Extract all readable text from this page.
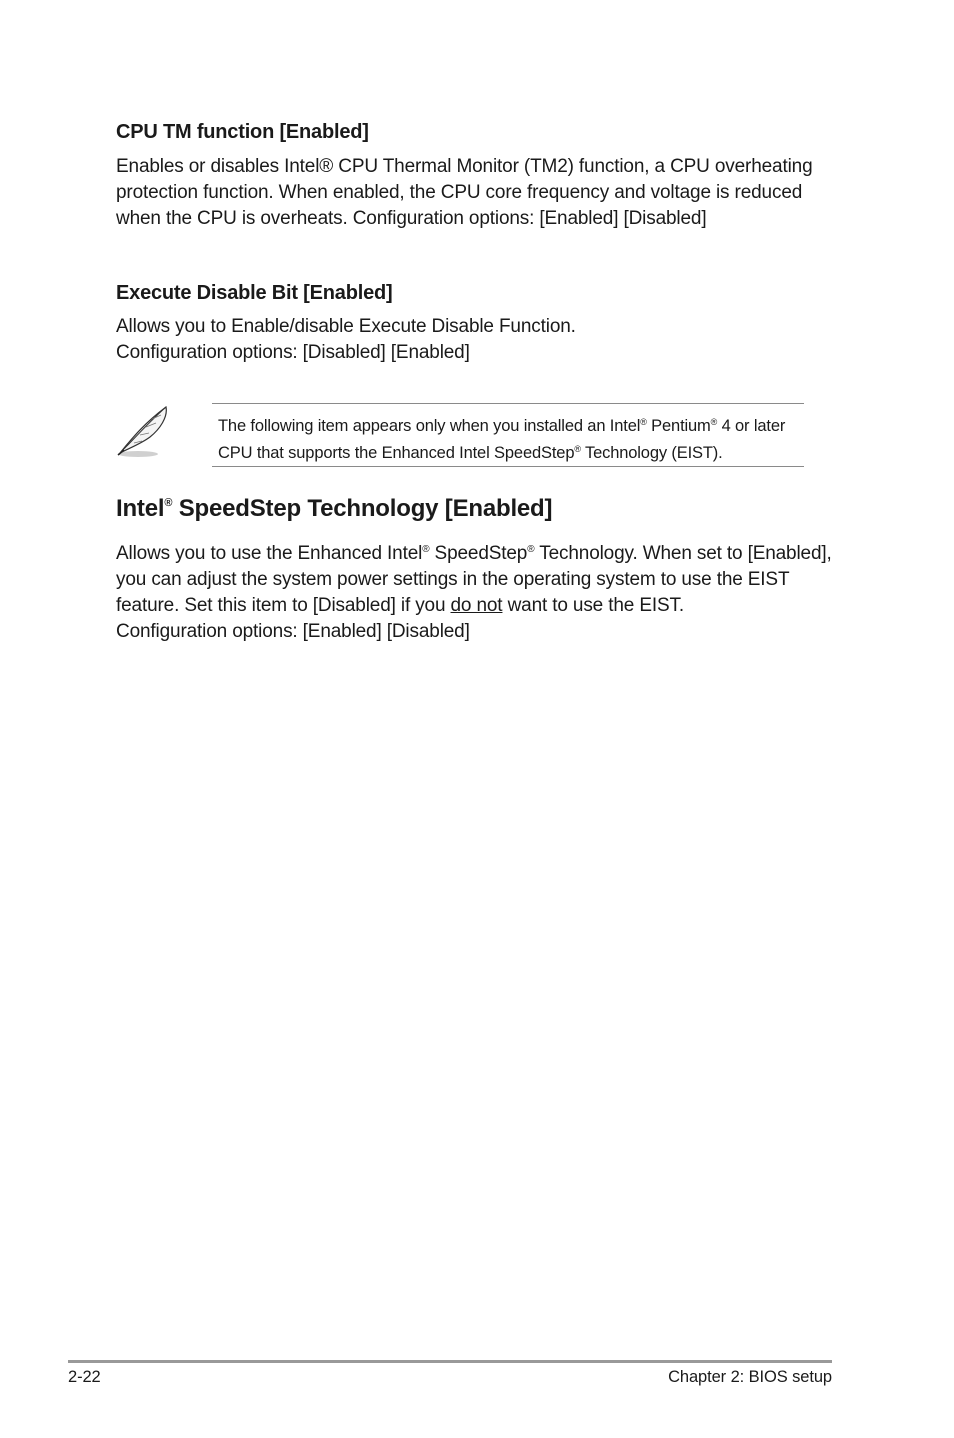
CPU TM function [Enabled]

Enables or disables Intel® CPU Thermal Monitor (TM2) function, a CPU overheating protection function. When enabled, the CPU core frequency and voltage is reduced when the CPU is overheats. Configuration options: [Enabled] [Disabled]

Execute Disable Bit [Enabled]

Allows you to Enable/disable Execute Disable Function.
Configuration options: [Disabled] [Enabled]

The following item appears only when you installed an Intel® Pentium® 4 or later CPU that supports the Enhanced Intel SpeedStep® Technology (EIST).

Intel® SpeedStep Technology [Enabled]

Allows you to use the Enhanced Intel® SpeedStep® Technology. When set to [Enabled], you can adjust the system power settings in the operating system to use the EIST feature. Set this item to [Disabled] if you do not want to use the EIST.
Configuration options: [Enabled] [Disabled]

2-22	Chapter 2: BIOS setup
